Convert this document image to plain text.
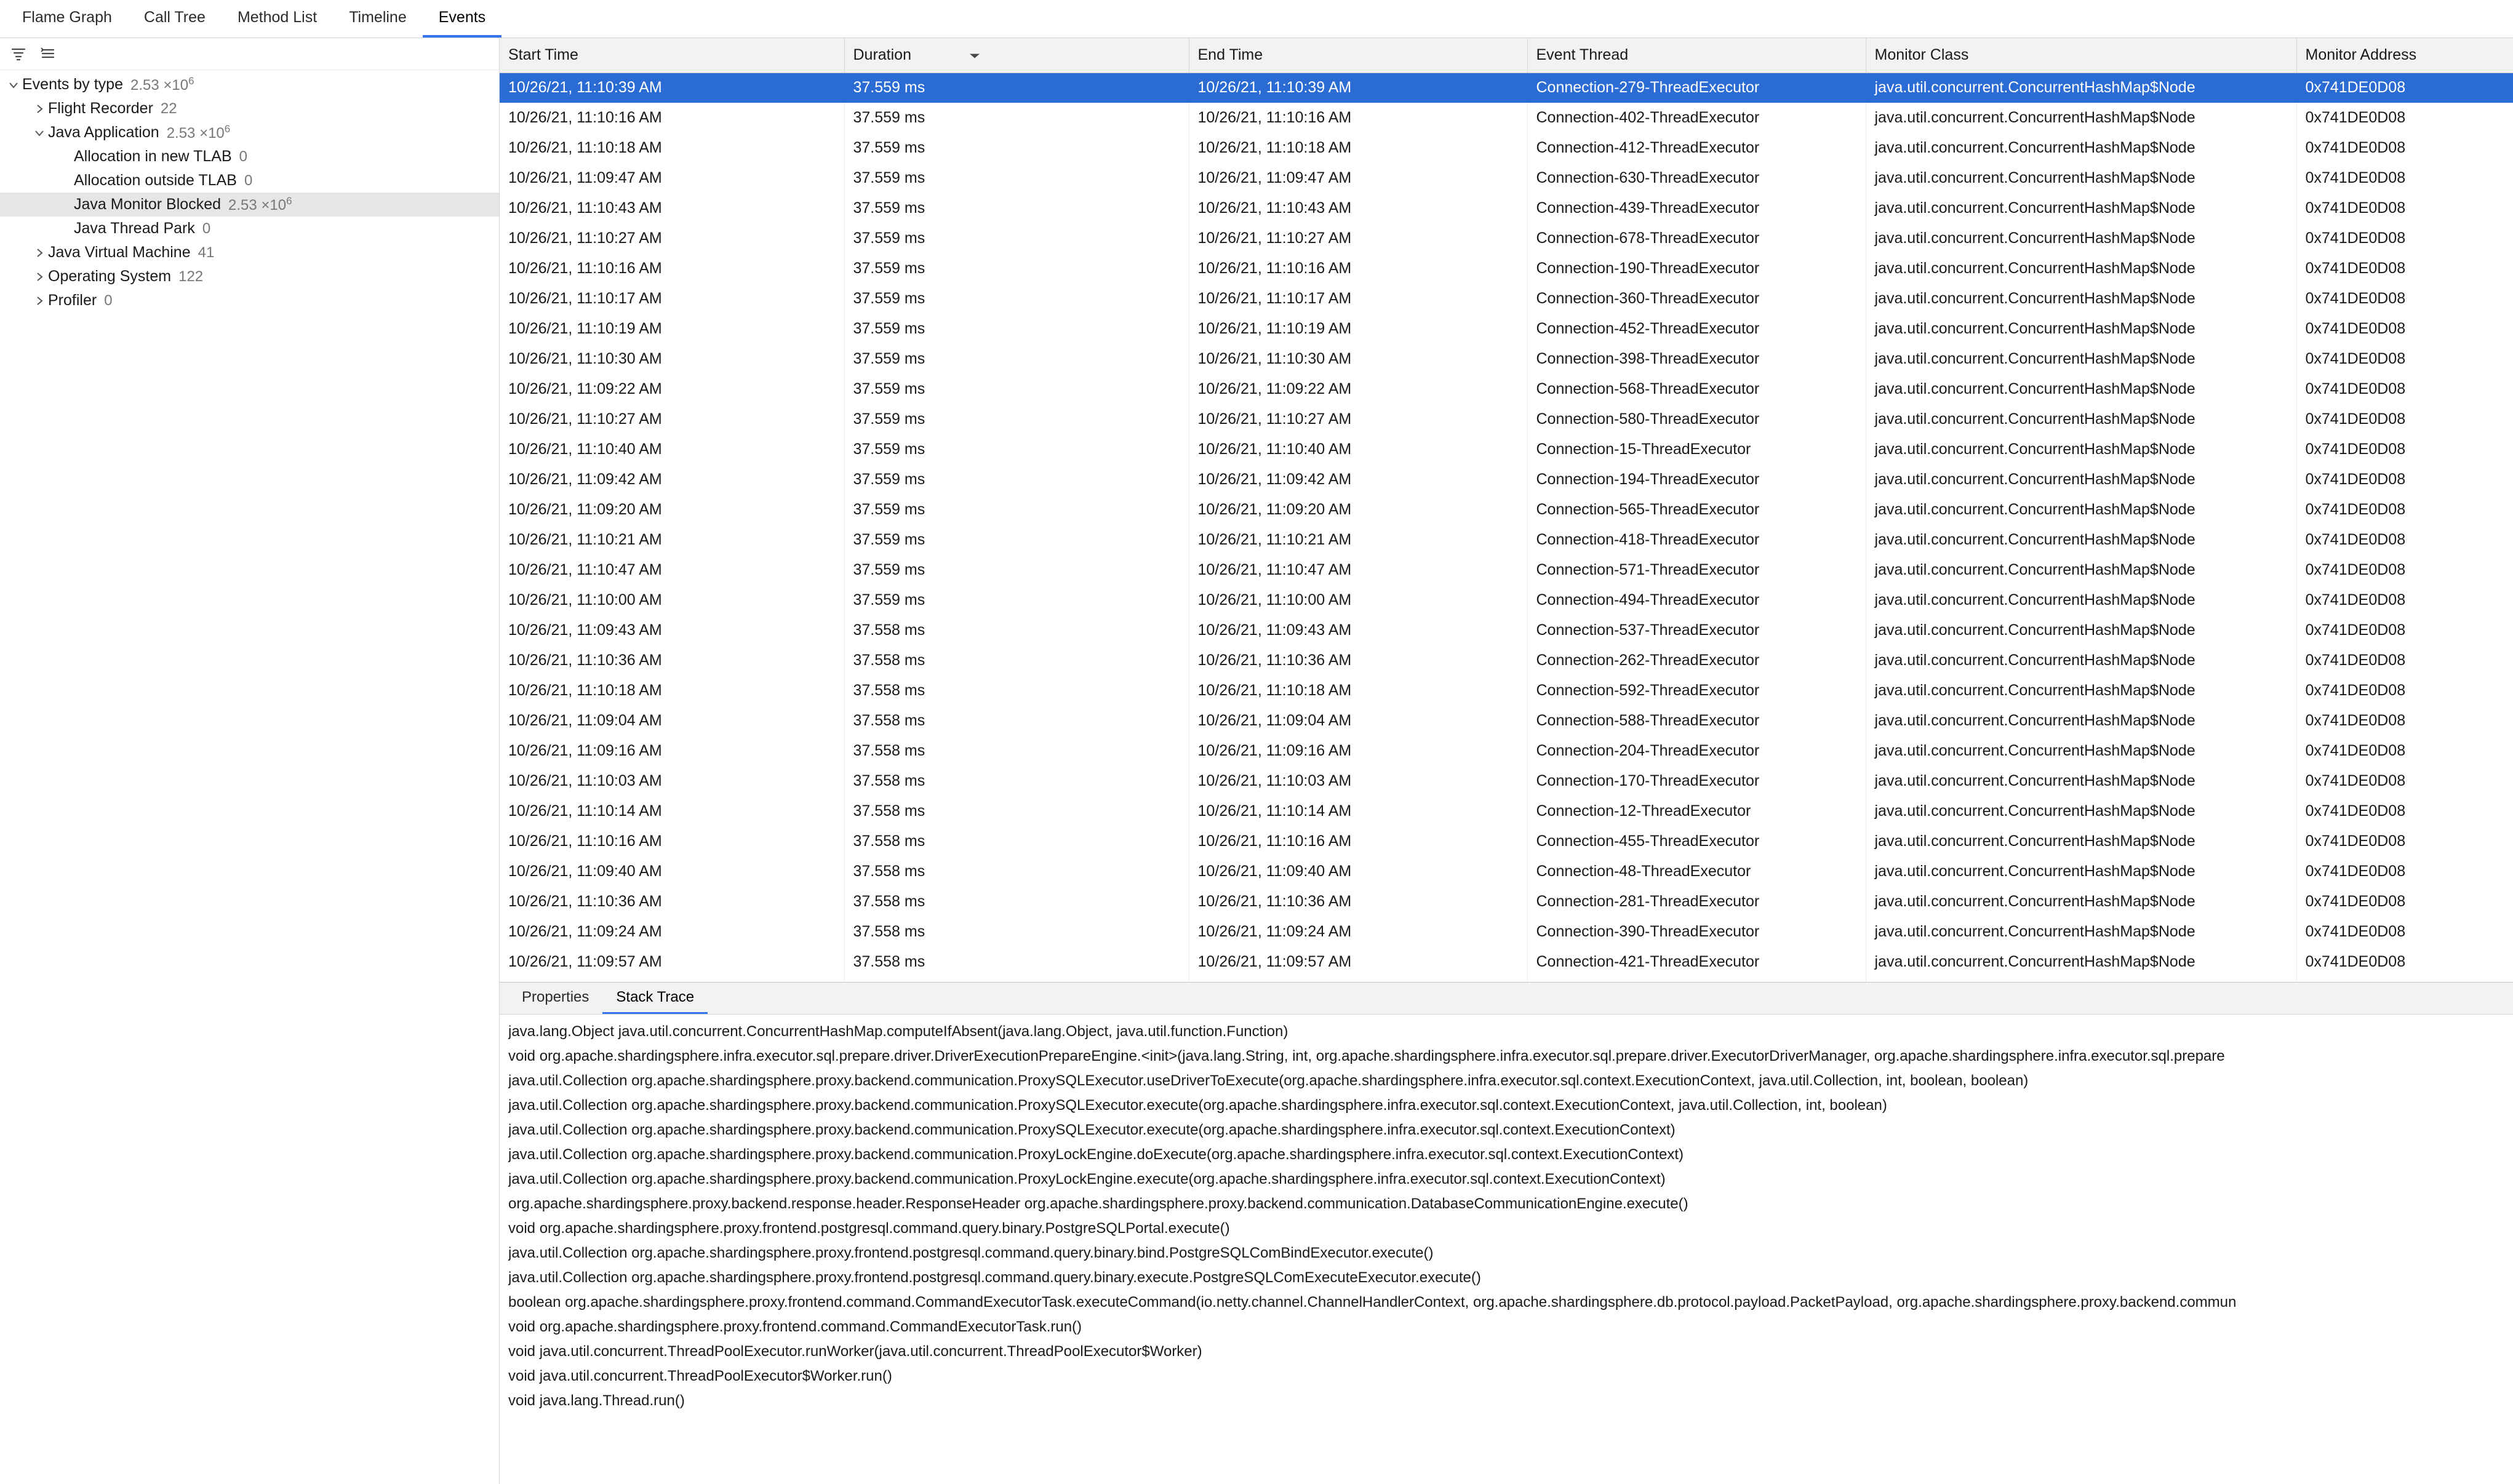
Flame Graph	Call Tree	Method List	Timeline	Events
Events by type $2.53 \times 10^6$
Flight Recorder 22
Java Application $2.53 \times 10^6$
Allocation in new TLAB 0
Allocation outside TLAB 0
Java Monitor Blocked $2.53 \times 10^6$
Java Thread Park 0
Java Virtual Machine 41
Operating System 122
Profiler 0
Start Time	Duration	End Time	Event Thread	Monitor Class	Monitor Address
10/26/21, 11:10:39 AM	37.559 ms	10/26/21, 11:10:39 AM	Connection-279-ThreadExecutor	java.util.concurrent.ConcurrentHashMap$Node	0x741DE0D08
10/26/21, 11:10:16 AM	37.559 ms	10/26/21, 11:10:16 AM	Connection-402-ThreadExecutor	java.util.concurrent.ConcurrentHashMap$Node	0x741DE0D08
10/26/21, 11:10:18 AM	37.559 ms	10/26/21, 11:10:18 AM	Connection-412-ThreadExecutor	java.util.concurrent.ConcurrentHashMap$Node	0x741DE0D08
10/26/21, 11:09:47 AM	37.559 ms	10/26/21, 11:09:47 AM	Connection-630-ThreadExecutor	java.util.concurrent.ConcurrentHashMap$Node	0x741DE0D08
10/26/21, 11:10:43 AM	37.559 ms	10/26/21, 11:10:43 AM	Connection-439-ThreadExecutor	java.util.concurrent.ConcurrentHashMap$Node	0x741DE0D08
10/26/21, 11:10:27 AM	37.559 ms	10/26/21, 11:10:27 AM	Connection-678-ThreadExecutor	java.util.concurrent.ConcurrentHashMap$Node	0x741DE0D08
10/26/21, 11:10:16 AM	37.559 ms	10/26/21, 11:10:16 AM	Connection-190-ThreadExecutor	java.util.concurrent.ConcurrentHashMap$Node	0x741DE0D08
10/26/21, 11:10:17 AM	37.559 ms	10/26/21, 11:10:17 AM	Connection-360-ThreadExecutor	java.util.concurrent.ConcurrentHashMap$Node	0x741DE0D08
10/26/21, 11:10:19 AM	37.559 ms	10/26/21, 11:10:19 AM	Connection-452-ThreadExecutor	java.util.concurrent.ConcurrentHashMap$Node	0x741DE0D08
10/26/21, 11:10:30 AM	37.559 ms	10/26/21, 11:10:30 AM	Connection-398-ThreadExecutor	java.util.concurrent.ConcurrentHashMap$Node	0x741DE0D08
10/26/21, 11:09:22 AM	37.559 ms	10/26/21, 11:09:22 AM	Connection-568-ThreadExecutor	java.util.concurrent.ConcurrentHashMap$Node	0x741DE0D08
10/26/21, 11:10:27 AM	37.559 ms	10/26/21, 11:10:27 AM	Connection-580-ThreadExecutor	java.util.concurrent.ConcurrentHashMap$Node	0x741DE0D08
10/26/21, 11:10:40 AM	37.559 ms	10/26/21, 11:10:40 AM	Connection-15-ThreadExecutor	java.util.concurrent.ConcurrentHashMap$Node	0x741DE0D08
10/26/21, 11:09:42 AM	37.559 ms	10/26/21, 11:09:42 AM	Connection-194-ThreadExecutor	java.util.concurrent.ConcurrentHashMap$Node	0x741DE0D08
10/26/21, 11:09:20 AM	37.559 ms	10/26/21, 11:09:20 AM	Connection-565-ThreadExecutor	java.util.concurrent.ConcurrentHashMap$Node	0x741DE0D08
10/26/21, 11:10:21 AM	37.559 ms	10/26/21, 11:10:21 AM	Connection-418-ThreadExecutor	java.util.concurrent.ConcurrentHashMap$Node	0x741DE0D08
10/26/21, 11:10:47 AM	37.559 ms	10/26/21, 11:10:47 AM	Connection-571-ThreadExecutor	java.util.concurrent.ConcurrentHashMap$Node	0x741DE0D08
10/26/21, 11:10:00 AM	37.559 ms	10/26/21, 11:10:00 AM	Connection-494-ThreadExecutor	java.util.concurrent.ConcurrentHashMap$Node	0x741DE0D08
10/26/21, 11:09:43 AM	37.558 ms	10/26/21, 11:09:43 AM	Connection-537-ThreadExecutor	java.util.concurrent.ConcurrentHashMap$Node	0x741DE0D08
10/26/21, 11:10:36 AM	37.558 ms	10/26/21, 11:10:36 AM	Connection-262-ThreadExecutor	java.util.concurrent.ConcurrentHashMap$Node	0x741DE0D08
10/26/21, 11:10:18 AM	37.558 ms	10/26/21, 11:10:18 AM	Connection-592-ThreadExecutor	java.util.concurrent.ConcurrentHashMap$Node	0x741DE0D08
10/26/21, 11:09:04 AM	37.558 ms	10/26/21, 11:09:04 AM	Connection-588-ThreadExecutor	java.util.concurrent.ConcurrentHashMap$Node	0x741DE0D08
10/26/21, 11:09:16 AM	37.558 ms	10/26/21, 11:09:16 AM	Connection-204-ThreadExecutor	java.util.concurrent.ConcurrentHashMap$Node	0x741DE0D08
10/26/21, 11:10:03 AM	37.558 ms	10/26/21, 11:10:03 AM	Connection-170-ThreadExecutor	java.util.concurrent.ConcurrentHashMap$Node	0x741DE0D08
10/26/21, 11:10:14 AM	37.558 ms	10/26/21, 11:10:14 AM	Connection-12-ThreadExecutor	java.util.concurrent.ConcurrentHashMap$Node	0x741DE0D08
10/26/21, 11:10:16 AM	37.558 ms	10/26/21, 11:10:16 AM	Connection-455-ThreadExecutor	java.util.concurrent.ConcurrentHashMap$Node	0x741DE0D08
10/26/21, 11:09:40 AM	37.558 ms	10/26/21, 11:09:40 AM	Connection-48-ThreadExecutor	java.util.concurrent.ConcurrentHashMap$Node	0x741DE0D08
10/26/21, 11:10:36 AM	37.558 ms	10/26/21, 11:10:36 AM	Connection-281-ThreadExecutor	java.util.concurrent.ConcurrentHashMap$Node	0x741DE0D08
10/26/21, 11:09:24 AM	37.558 ms	10/26/21, 11:09:24 AM	Connection-390-ThreadExecutor	java.util.concurrent.ConcurrentHashMap$Node	0x741DE0D08
10/26/21, 11:09:57 AM	37.558 ms	10/26/21, 11:09:57 AM	Connection-421-ThreadExecutor	java.util.concurrent.ConcurrentHashMap$Node	0x741DE0D08

Properties	Stack Trace
java.lang.Object java.util.concurrent.ConcurrentHashMap.computeIfAbsent(java.lang.Object, java.util.function.Function)
void org.apache.shardingsphere.infra.executor.sql.prepare.driver.DriverExecutionPrepareEngine.<init>(java.lang.String, int, org.apache.shardingsphere.infra.executor.sql.prepare.driver.ExecutorDriverManager, org.apache.shardingsphere.infra.executor.sql.prepare
java.util.Collection org.apache.shardingsphere.proxy.backend.communication.ProxySQLExecutor.useDriverToExecute(org.apache.shardingsphere.infra.executor.sql.context.ExecutionContext, java.util.Collection, int, boolean, boolean)
java.util.Collection org.apache.shardingsphere.proxy.backend.communication.ProxySQLExecutor.execute(org.apache.shardingsphere.infra.executor.sql.context.ExecutionContext, java.util.Collection, int, boolean)
java.util.Collection org.apache.shardingsphere.proxy.backend.communication.ProxySQLExecutor.execute(org.apache.shardingsphere.infra.executor.sql.context.ExecutionContext)
java.util.Collection org.apache.shardingsphere.proxy.backend.communication.ProxyLockEngine.doExecute(org.apache.shardingsphere.infra.executor.sql.context.ExecutionContext)
java.util.Collection org.apache.shardingsphere.proxy.backend.communication.ProxyLockEngine.execute(org.apache.shardingsphere.infra.executor.sql.context.ExecutionContext)
org.apache.shardingsphere.proxy.backend.response.header.ResponseHeader org.apache.shardingsphere.proxy.backend.communication.DatabaseCommunicationEngine.execute()
void org.apache.shardingsphere.proxy.frontend.postgresql.command.query.binary.PostgreSQLPortal.execute()
java.util.Collection org.apache.shardingsphere.proxy.frontend.postgresql.command.query.binary.bind.PostgreSQLComBindExecutor.execute()
java.util.Collection org.apache.shardingsphere.proxy.frontend.postgresql.command.query.binary.execute.PostgreSQLComExecuteExecutor.execute()
boolean org.apache.shardingsphere.proxy.frontend.command.CommandExecutorTask.executeCommand(io.netty.channel.ChannelHandlerContext, org.apache.shardingsphere.db.protocol.payload.PacketPayload, org.apache.shardingsphere.proxy.backend.commun
void org.apache.shardingsphere.proxy.frontend.command.CommandExecutorTask.run()
void java.util.concurrent.ThreadPoolExecutor.runWorker(java.util.concurrent.ThreadPoolExecutor$Worker)
void java.util.concurrent.ThreadPoolExecutor$Worker.run()
void java.lang.Thread.run()
